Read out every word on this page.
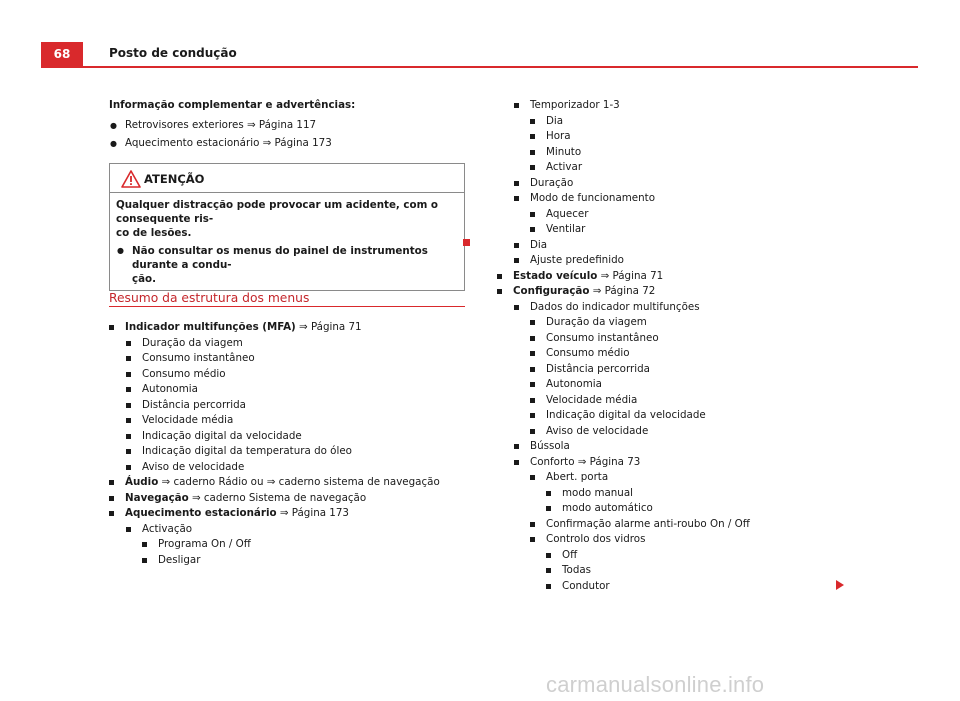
68	Posto de condução
Informação complementar e advertências:
● Retrovisores exteriores ⇒ Página 117
● Aquecimento estacionário ⇒ Página 173
ATENÇÃO
Qualquer distracção pode provocar um acidente, com o consequente ris-
co de lesões.
● Não consultar os menus do painel de instrumentos durante a condu-
ção.
Resumo da estrutura dos menus
Indicador multifunções (MFA) ⇒ Página 71
Duração da viagem
Consumo instantâneo
Consumo médio
Autonomia
Distância percorrida
Velocidade média
Indicação digital da velocidade
Indicação digital da temperatura do óleo
Aviso de velocidade
Áudio ⇒ caderno Rádio ou ⇒ caderno sistema de navegação
Navegação ⇒ caderno Sistema de navegação
Aquecimento estacionário ⇒ Página 173
Activação
Programa On / Off
Desligar
Temporizador 1-3
Dia
Hora
Minuto
Activar
Duração
Modo de funcionamento
Aquecer
Ventilar
Dia
Ajuste predefinido
Estado veículo ⇒ Página 71
Configuração ⇒ Página 72
Dados do indicador multifunções
Duração da viagem
Consumo instantâneo
Consumo médio
Distância percorrida
Autonomia
Velocidade média
Indicação digital da velocidade
Aviso de velocidade
Bússola
Conforto ⇒ Página 73
Abert. porta
modo manual
modo automático
Confirmação alarme anti-roubo On / Off
Controlo dos vidros
Off
Todas
Condutor
carmanualsonline.info
